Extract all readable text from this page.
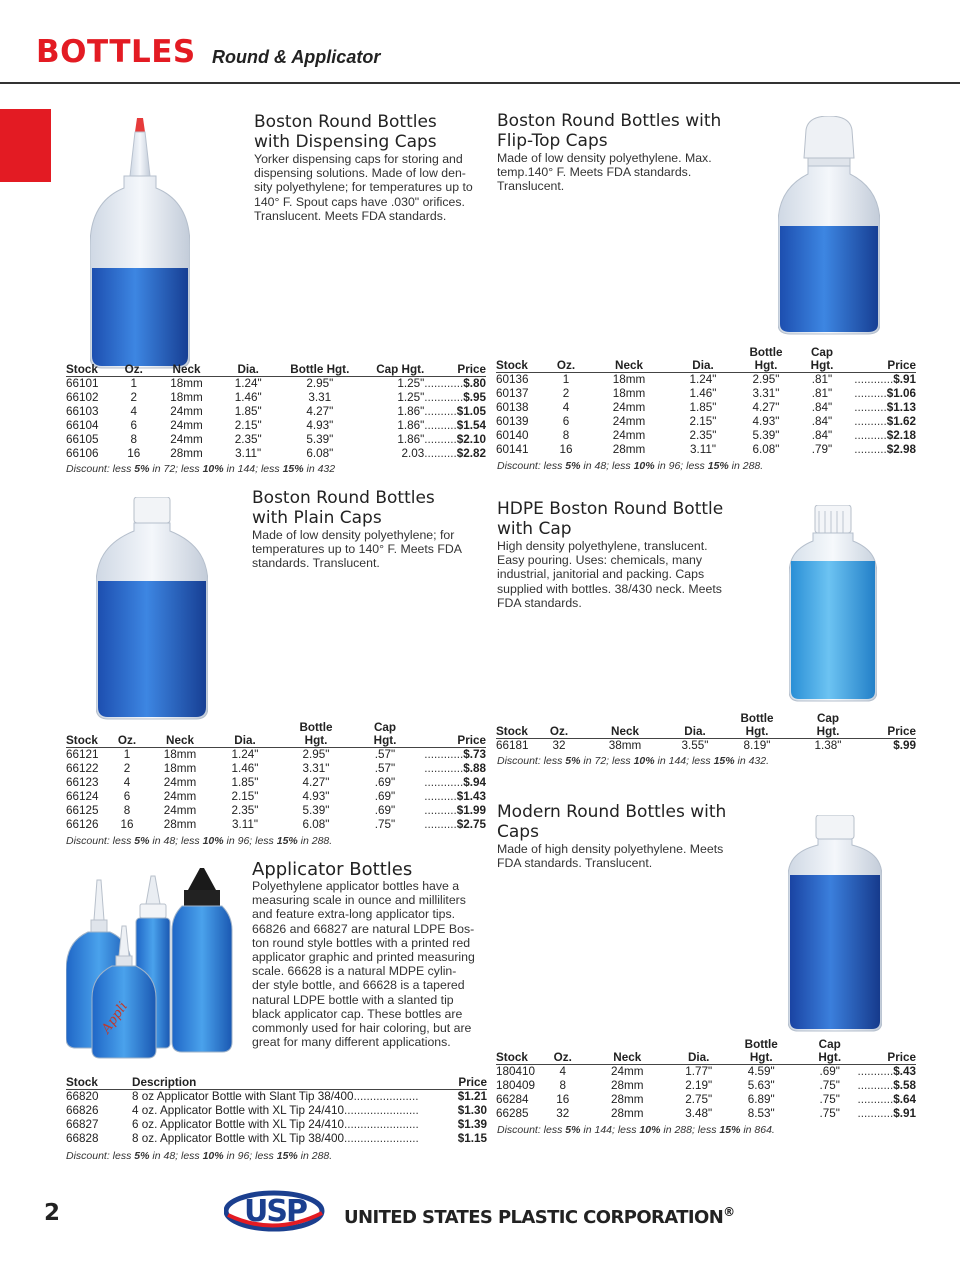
BOTTLES Round & Applicator

Boston Round Bottles
with Dispensing Caps

Yorker dispensing caps for storing and
dispensing solutions. Made of low den-
sity polyethylene; for temperatures up to
140° F. Spout caps have .030" orifices.
Translucent. Meets FDA standards.

Stock	Oz.	Neck	Dia.	Bottle Hgt.	Cap Hgt.	Price
66101	1	18mm	1.24"	2.95"	1.25"	............$.80
66102	2	18mm	1.46"	3.31	1.25"	............$.95
66103	4	24mm	1.85"	4.27"	1.86"	..........$1.05
66104	6	24mm	2.15"	4.93"	1.86"	..........$1.54
66105	8	24mm	2.35"	5.39"	1.86"	..........$2.10
66106	16	28mm	3.11"	6.08"	2.03	..........$2.82
Discount: less 5% in 72; less 10% in 144; less 15% in 432

Boston Round Bottles with
Flip-Top Caps

Made of low density polyethylene. Max.
temp.140° F. Meets FDA standards.
Translucent.

				Bottle	Cap	
Stock	Oz.	Neck	Dia.	Hgt.	Hgt.	Price
60136	1	18mm	1.24"	2.95"	.81"	............$.91
60137	2	18mm	1.46"	3.31"	.81"	..........$1.06
60138	4	24mm	1.85"	4.27"	.84"	..........$1.13
60139	6	24mm	2.15"	4.93"	.84"	..........$1.62
60140	8	24mm	2.35"	5.39"	.84"	..........$2.18
60141	16	28mm	3.11"	6.08"	.79"	..........$2.98
Discount: less 5% in 48; less 10% in 96; less 15% in 288.

Boston Round Bottles
with Plain Caps

Made of low density polyethylene; for
temperatures up to 140° F. Meets FDA
standards. Translucent.

				Bottle	Cap	
Stock	Oz.	Neck	Dia.	Hgt.	Hgt.	Price
66121	1	18mm	1.24"	2.95"	.57"	............$.73
66122	2	18mm	1.46"	3.31"	.57"	............$.88
66123	4	24mm	1.85"	4.27"	.69"	............$.94
66124	6	24mm	2.15"	4.93"	.69"	..........$1.43
66125	8	24mm	2.35"	5.39"	.69"	..........$1.99
66126	16	28mm	3.11"	6.08"	.75"	..........$2.75
Discount: less 5% in 48; less 10% in 96; less 15% in 288.

HDPE Boston Round Bottle
with Cap

High density polyethylene, translucent.
Easy pouring. Uses: chemicals, many
industrial, janitorial and packing. Caps
supplied with bottles. 38/430 neck. Meets
FDA standards.

				Bottle	Cap	
Stock	Oz.	Neck	Dia.	Hgt.	Hgt.	Price
66181	32	38mm	3.55"	8.19"	1.38"	$.99
Discount: less 5% in 72; less 10% in 144; less 15% in 432.

Modern Round Bottles with
Caps

Made of high density polyethylene. Meets
FDA standards. Translucent.

				Bottle	Cap	
Stock	Oz.	Neck	Dia.	Hgt.	Hgt.	Price
180410	4	24mm	1.77"	4.59"	.69"	...........$.43
180409	8	28mm	2.19"	5.63"	.75"	...........$.58
66284	16	28mm	2.75"	6.89"	.75"	...........$.64
66285	32	28mm	3.48"	8.53"	.75"	...........$.91
Discount: less 5% in 144; less 10% in 288; less 15% in 864.
Appli

Applicator Bottles

Polyethylene applicator bottles have a
measuring scale in ounce and milliliters
and feature extra-long applicator tips.
66826 and 66827 are natural LDPE Bos-
ton round style bottles with a printed red
applicator graphic and printed measuring
scale. 66628 is a natural MDPE cylin-
der style bottle, and 66628 is a tapered
natural LDPE bottle with a slanted tip
black applicator cap. These bottles are
commonly used for hair coloring, but are
great for many different applications.

Stock	Description	Price
66820	8 oz Applicator Bottle with Slant Tip 38/400....................	$1.21
66826	4 oz. Applicator Bottle with XL Tip 24/410.......................	$1.30
66827	6 oz. Applicator Bottle with XL Tip 24/410.......................	$1.39
66828	8 oz. Applicator Bottle with XL Tip 38/400.......................	$1.15
Discount: less 5% in 48; less 10% in 96; less 15% in 288.
2	USP UNITED STATES PLASTIC CORPORATION®
